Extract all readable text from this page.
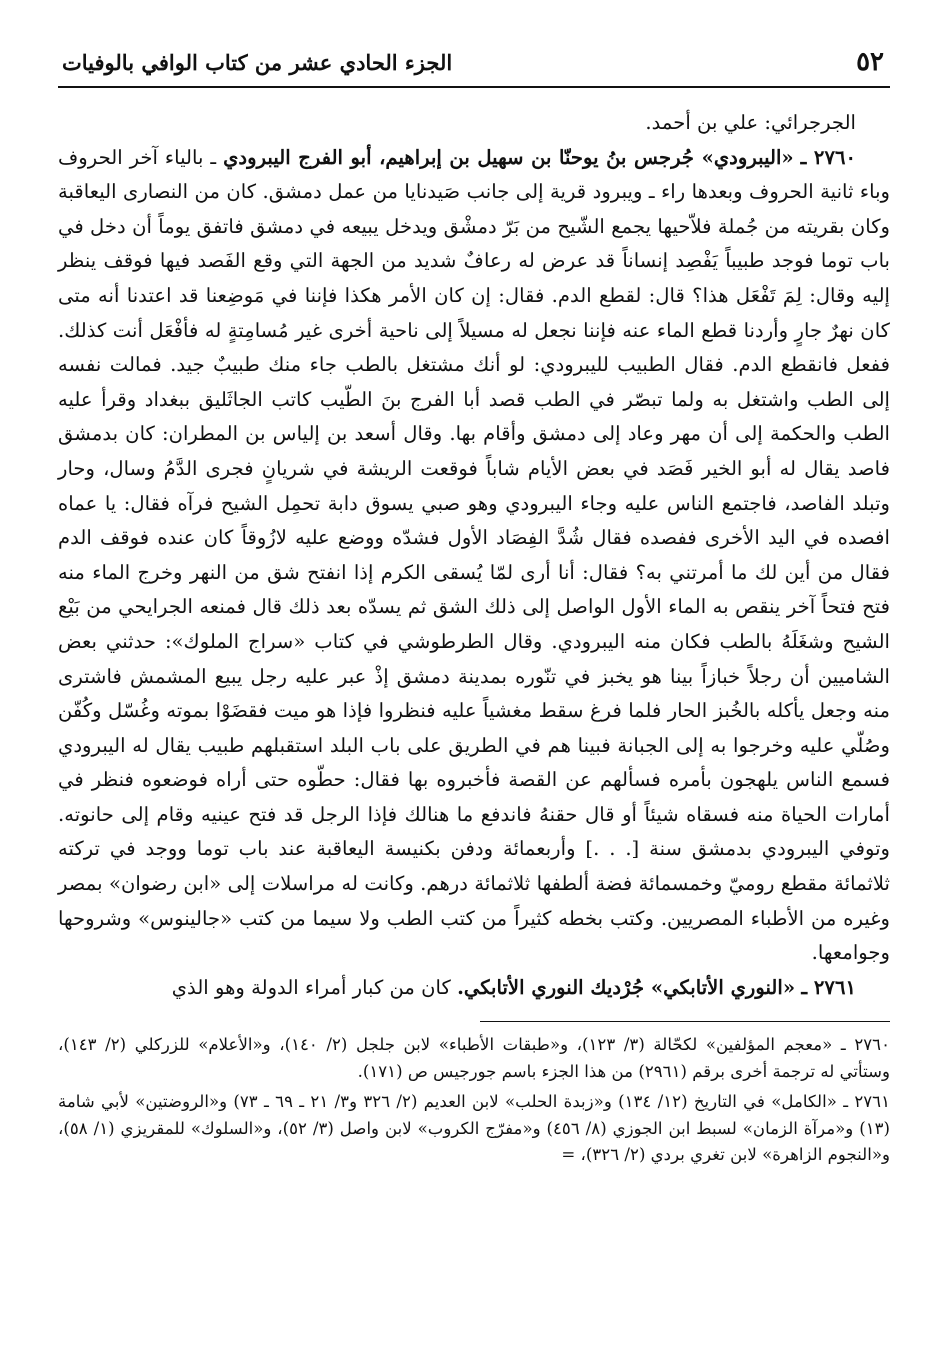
٥٢
الجزء الحادي عشر من كتاب الوافي بالوفيات

الجرجرائي: علي بن أحمد.

٢٧٦٠ ـ «اليبرودي» جُرجس بنُ يوحنّا بن سهيل بن إبراهيم، أبو الفرج اليبرودي ـ بالياء آخر الحروف وباء ثانية الحروف وبعدها راء ـ ويبرود قرية إلى جانب صَيدنايا من عمل دمشق. كان من النصارى اليعاقبة وكان بقريته من جُملة فلاّحيها يجمع الشّيح من بَرّ دمشْق ويدخل يبيعه في دمشق فاتفق يوماً أن دخل في باب توما فوجد طبيباً يَفْصِد إنساناً قد عرض له رعافٌ شديد من الجهة التي وقع الفَصد فيها فوقف ينظر إليه وقال: لِمَ تَفْعَل هذا؟ قال: لقطع الدم. فقال: إن كان الأمر هكذا فإننا في مَوضِعنا قد اعتدنا أنه متى كان نهرٌ جارٍ وأردنا قطع الماء عنه فإننا نجعل له مسيلاً إلى ناحية أخرى غير مُسامِتةٍ له فأفْعَل أنت كذلك. ففعل فانقطع الدم. فقال الطبيب لليبرودي: لو أنك مشتغل بالطب جاء منك طبيبٌ جيد. فمالت نفسه إلى الطب واشتغل به ولما تبصّر في الطب قصد أبا الفرج بنَ الطّيب كاتب الجاثَليق ببغداد وقرأ عليه الطب والحكمة إلى أن مهر وعاد إلى دمشق وأقام بها. وقال أسعد بن إلياس بن المطران: كان بدمشق فاصد يقال له أبو الخير فَصَد في بعض الأيام شاباً فوقعت الريشة في شريانٍ فجرى الدَّمُ وسال، وحار وتبلد الفاصد، فاجتمع الناس عليه وجاء اليبرودي وهو صبي يسوق دابة تحمِل الشيح فرآه فقال: يا عماه افصده في اليد الأخرى ففصده فقال شُدَّ الفِصَاد الأول فشدّه ووضع عليه لازُوقاً كان عنده فوقف الدم فقال من أين لك ما أمرتني به؟ فقال: أنا أرى لمّا يُسقى الكرم إذا انفتح شق من النهر وخرج الماء منه فتح فتحاً آخر ينقص به الماء الأول الواصل إلى ذلك الشق ثم يسدّه بعد ذلك قال فمنعه الجرايحي من بَيْع الشيح وشغَلَهُ بالطب فكان منه اليبرودي. وقال الطرطوشي في كتاب «سراج الملوك»: حدثني بعض الشاميين أن رجلاً خبازاً بينا هو يخبز في تنّوره بمدينة دمشق إذْ عبر عليه رجل يبيع المشمش فاشترى منه وجعل يأكله بالخُبز الحار فلما فرغ سقط مغشياً عليه فنظروا فإذا هو ميت فقضَوْا بموته وغُسّل وكُفّن وصُلّي عليه وخرجوا به إلى الجبانة فبينا هم في الطريق على باب البلد استقبلهم طبيب يقال له اليبرودي فسمع الناس يلهجون بأمره فسألهم عن القصة فأخبروه بها فقال: حطّوه حتى أراه فوضعوه فنظر في أمارات الحياة منه فسقاه شيئاً أو قال حقنهُ فاندفع ما هنالك فإذا الرجل قد فتح عينيه وقام إلى حانوته. وتوفي اليبرودي بدمشق سنة [. . .] وأربعمائة ودفن بكنيسة اليعاقبة عند باب توما ووجد في تركته ثلاثمائة مقطع روميّ وخمسمائة فضة ألطفها ثلاثمائة درهم. وكانت له مراسلات إلى «ابن رضوان» بمصر وغيره من الأطباء المصريين. وكتب بخطه كثيراً من كتب الطب ولا سيما من كتب «جالينوس» وشروحها وجوامعها.

٢٧٦١ ـ «النوري الأتابكي» جُرْديك النوري الأتابكي. كان من كبار أمراء الدولة وهو الذي

٢٧٦٠ ـ «معجم المؤلفين» لكحّالة (٣/ ١٢٣)، و«طبقات الأطباء» لابن جلجل (٢/ ١٤٠)، و«الأعلام» للزركلي (٢/ ١٤٣)، وستأتي له ترجمة أخرى برقم (٢٩٦١) من هذا الجزء باسم جورجيس ص (١٧١).

٢٧٦١ ـ «الكامل» في التاريخ (١٢/ ١٣٤) و«زبدة الحلب» لابن العديم (٢/ ٣٢٦ و٣/ ٢١ ـ ٦٩ ـ ٧٣) و«الروضتين» لأبي شامة (١٣) و«مرآة الزمان» لسبط ابن الجوزي (٨/ ٤٥٦) و«مفرّج الكروب» لابن واصل (٣/ ٥٢)، و«السلوك» للمقريزي (١/ ٥٨)، و«النجوم الزاهرة» لابن تغري بردي (٢/ ٣٢٦)، =
